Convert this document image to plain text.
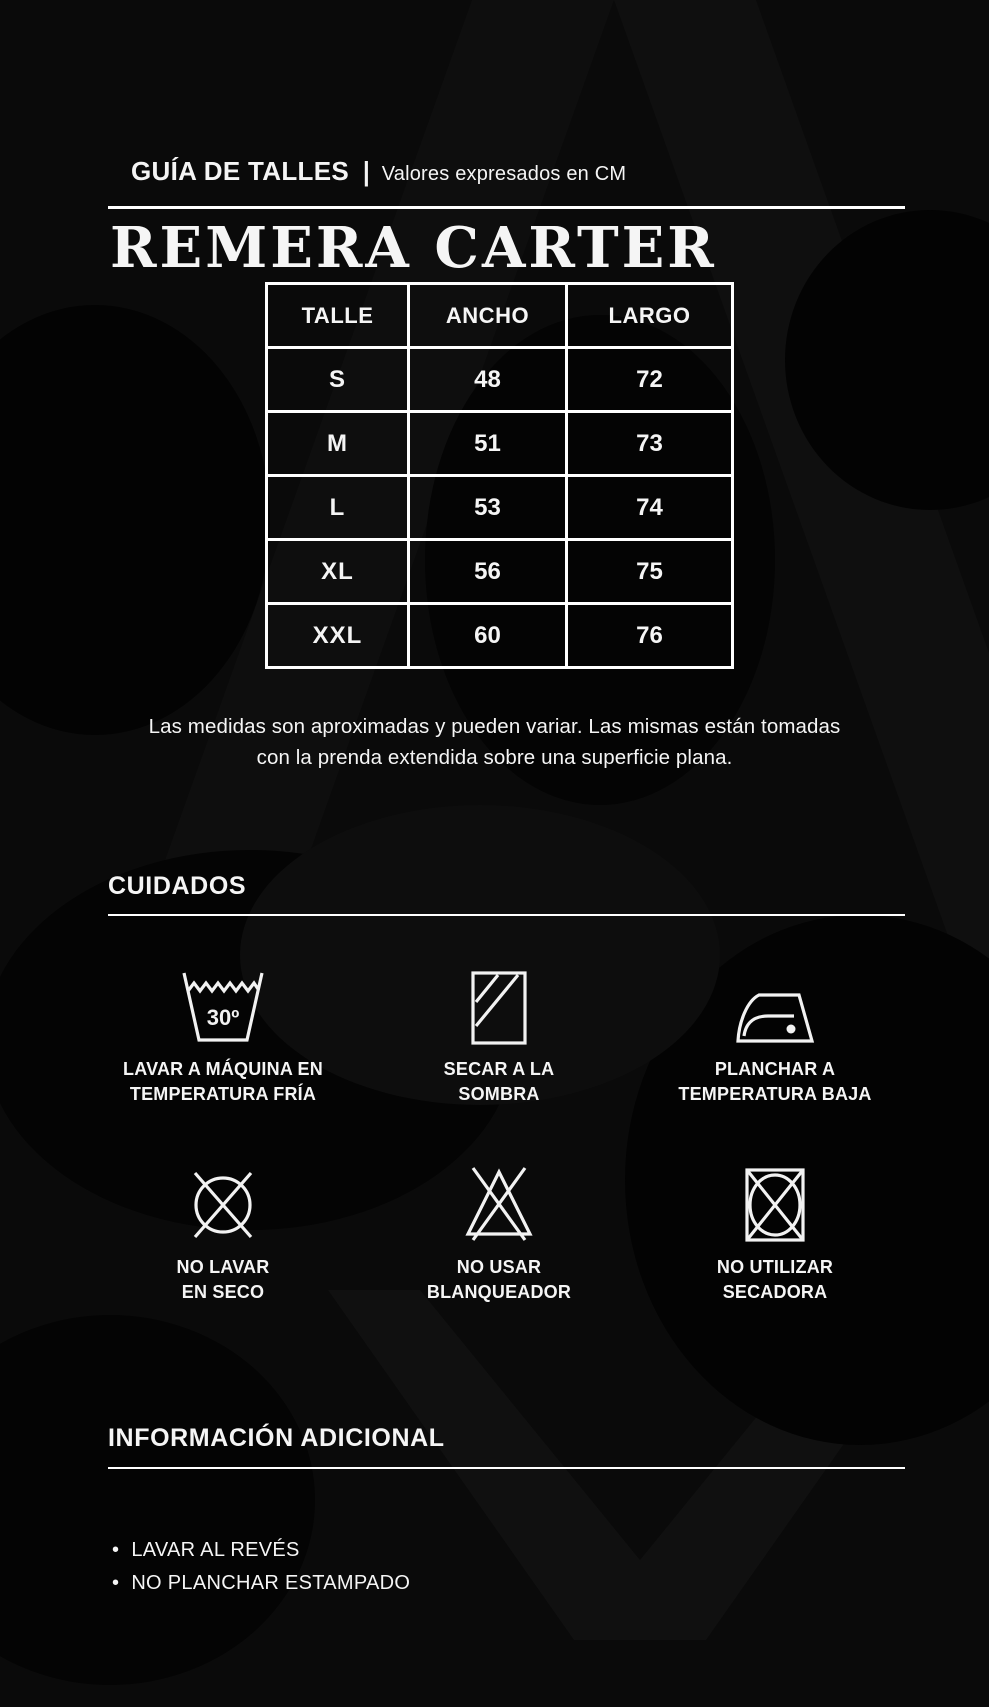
GUÍA DE TALLES | Valores expresados en CM
REMERA CARTER
TALLE	ANCHO	LARGO
S	48	72
M	51	73
L	53	74
XL	56	75
XXL	60	76
Las medidas son aproximadas y pueden variar. Las mismas están tomadas
con la prenda extendida sobre una superficie plana.
CUIDADOS
30º
LAVAR A MÁQUINA EN
TEMPERATURA FRÍA
SECAR A LA
SOMBRA
PLANCHAR A
TEMPERATURA BAJA
NO LAVAR
EN SECO
NO USAR
BLANQUEADOR
NO UTILIZAR
SECADORA
INFORMACIÓN ADICIONAL
• LAVAR AL REVÉS
• NO PLANCHAR ESTAMPADO
